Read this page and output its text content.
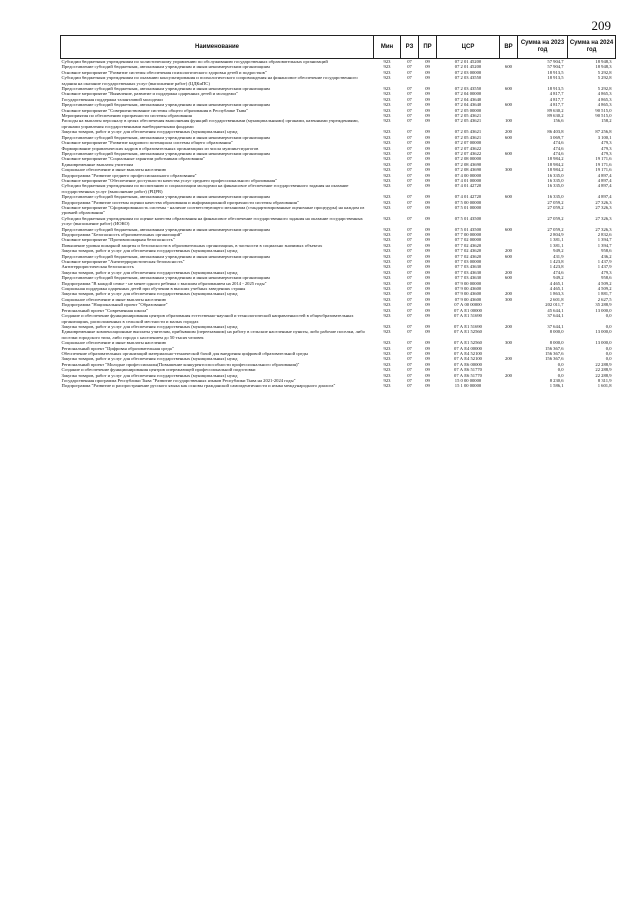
209
Наименование	Мин	РЗ	ПР	ЦСР	ВР	Сумма на 2023 год	Сумма на 2024 год
Субсидии бюджетным учреждениям по холистическому управлению по обслуживанию государственных образовательных организаций	923	07	09	07 2 01 45200		57 904,7	18 948,3
Предоставление субсидий бюджетным, автономным учреждениям и иным некоммерческим организациям	923	07	09	07 2 01 45200	600	57 904,7	18 948,3
Основное мероприятие "Развитие системы обеспечения психологического здоровья детей и подростков"	923	07	09	07 2 03 00000		18 913,5	5 292,8
Субсидии бюджетным учреждениям по оказанию консультирования и психологического сопровождения на финансовое обеспечение государственного задания на оказание государственных услуг (выполнение работ) (ЦДКиПС)	923	07	09	07 2 03 43550		18 913,5	5 292,8
Предоставление субсидий бюджетным, автономным учреждениям и иным некоммерческим организациям	923	07	09	07 2 03 43550	600	18 913,5	5 292,8
Основное мероприятие "Выявление, развитие и поддержка одаренных детей и молодежи"	923	07	09	07 2 04 00000		4 817,7	4 865,3
Государственная поддержка талантливой молодежи	923	07	09	07 2 04 43640		4 817,7	4 865,3
Предоставление субсидий бюджетным, автономным учреждениям и иным некоммерческим организациям	923	07	09	07 2 04 43640	600	4 817,7	4 865,3
Основное мероприятие "Совершенствование системы общего образования в Республике Тыва"	923	07	09	07 2 05 00000		89 630,2	90 515,0
Мероприятия по обеспечению прозрачности системы образования	923	07	09	07 2 05 43621		89 630,2	90 515,0
Расходы на выплаты персоналу в целях обеспечения выполнения функций государственными (муниципальными) органами, казенными учреждениями, органами управления государственными внебюджетными фондами	923	07	09	07 2 05 43621	100	156,6	158,2
Закупка товаров, работ и услуг для обеспечения государственных (муниципальных) нужд	923	07	09	07 2 05 43621	200	86 403,8	87 256,8
Предоставление субсидий бюджетным, автономным учреждениям и иным некоммерческим организациям	923	07	09	07 2 05 43621	600	3 069,7	3 100,1
Основное мероприятие "Развитие кадрового потенциала системы общего образования"	923	07	09	07 2 07 00000		474,6	479,3
Формирование управленческих кадров в образовательных организациях из числа мужчин-педагогов	923	07	09	07 2 07 43622		474,6	479,3
Предоставление субсидий бюджетным, автономным учреждениям и иным некоммерческим организациям	923	07	09	07 2 07 43622	600	474,6	479,3
Основное мероприятие "Социальные гарантии работникам образования"	923	07	09	07 2 08 00000		18 984,2	19 171,6
Единовременные выплаты учителям	923	07	09	07 2 08 43690		18 984,2	19 171,6
Социальное обеспечение и иные выплаты населению	923	07	09	07 2 08 43690	300	18 984,2	19 171,6
Подпрограмма "Развитие среднего профессионального образования"	923	07	09	07 4 00 00000		16 335,0	4 897,4
Основное мероприятие "Обеспечение доступности качества услуг среднего профессионального образования"	923	07	09	07 4 01 00000		16 335,0	4 897,4
Субсидии бюджетным учреждениям по воспитанию и социализации молодежи на финансовое обеспечение государственного задания на оказание государственных услуг (выполнение работ) (РЦРВ)	923	07	09	07 4 01 42720		16 335,0	4 897,4
Предоставление субсидий бюджетным, автономным учреждениям и иным некоммерческим организациям	923	07	09	07 4 01 42720	600	16 335,0	4 897,4
Подпрограмма "Развитие системы оценки качества образования и информационной прозрачности системы образования"	923	07	09	07 5 00 00000		27 059,2	27 326,3
Основное мероприятие "Сформированность системы - наличие соответствующего механизма (стандартизированные оценочные процедуры) на каждом из уровней образования"	923	07	09	07 5 01 00000		27 059,2	27 326,3
Субсидии бюджетным учреждениям по оценке качества образования на финансовое обеспечение государственного задания на оказание государственных услуг (выполнение работ) (ИОКО)	923	07	09	07 5 01 43500		27 059,2	27 326,3
Предоставление субсидий бюджетным, автономным учреждениям и иным некоммерческим организациям	923	07	09	07 5 01 43500	600	27 059,2	27 326,3
Подпрограмма "Безопасность образовательных организаций"	923	07	09	07 7 00 00000		2 804,9	2 832,6
Основное мероприятие "Противопожарная безопасность"	923	07	09	07 7 02 00000		1 381,1	1 394,7
Повышение уровня пожарной защиты и безопасности в образовательных организациях, в частности в социально значимых объектах	923	07	09	07 7 02 43620		1 381,1	1 394,7
Закупка товаров, работ и услуг для обеспечения государственных (муниципальных) нужд	923	07	09	07 7 02 43620	200	949,2	958,6
Предоставление субсидий бюджетным, автономным учреждениям и иным некоммерческим организациям	923	07	09	07 7 02 43620	600	431,9	436,2
Основное мероприятие "Антитеррористическая безопасность"	923	07	09	07 7 03 00000		1 423,8	1 437,9
Антитеррористическая безопасность	923	07	09	07 7 03 43630		1 423,8	1 437,9
Закупка товаров, работ и услуг для обеспечения государственных (муниципальных) нужд	923	07	09	07 7 03 43630	200	474,6	479,3
Предоставление субсидий бюджетным, автономным учреждениям и иным некоммерческим организациям	923	07	09	07 7 03 43630	600	949,2	958,6
Подпрограмма "В каждой семье - не менее одного ребенка с высшим образованием на 2014 - 2025 годы"	923	07	09	07 9 00 00000		4 465,1	4 509,2
Социальная поддержка одаренных детей при обучении в высших учебных заведениях страны	923	07	09	07 9 00 43600		4 465,1	4 509,2
Закупка товаров, работ и услуг для обеспечения государственных (муниципальных) нужд	923	07	09	07 9 00 43600	200	1 863,3	1 881,7
Социальное обеспечение и иные выплаты населению	923	07	09	07 9 00 43600	300	2 601,8	2 627,5
Подпрограмма "Национальный проект "Образование"	923	07	09	07 А 00 00000		202 011,7	35 288,9
Региональный проект "Современная школа"	923	07	09	07 А E1 00000		45 644,1	13 000,0
Создание и обеспечение функционирования центров образования естественно-научной и технологической направленностей в общеобразовательных организациях, расположенных в сельской местности и малых городах	923	07	09	07 А E1 51690		37 644,1	0,0
Закупка товаров, работ и услуг для обеспечения государственных (муниципальных) нужд	923	07	09	07 А E1 51690	200	37 644,1	0,0
Единовременные компенсационные выплаты учителям, прибывшим (переехавшим) на работу в сельские населенные пункты, либо рабочие поселки, либо поселки городского типа, либо города с населением до 50 тысяч человек	923	07	09	07 А E1 52560		8 000,0	13 000,0
Социальное обеспечение и иные выплаты населению	923	07	09	07 А E1 52560	300	8 000,0	13 000,0
Региональный проект "Цифровая образовательная среда"	923	07	09	07 А E4 00000		156 367,6	0,0
Обеспечение образовательных организаций материально-технической базой для внедрения цифровой образовательной среды	923	07	09	07 А E4 52100		156 367,6	0,0
Закупка товаров, работ и услуг для обеспечения государственных (муниципальных) нужд	923	07	09	07 А E4 52100	200	156 367,6	0,0
Региональный проект "Молодые профессионалы(Повышение конкурентоспособности профессионального образования)"	923	07	09	07 А E6 00000		0,0	22 288,9
Создание и обеспечение функционирования центров опережающей профессиональной подготовки	923	07	09	07 А E6 51770		0,0	22 288,9
Закупка товаров, работ и услуг для обеспечения государственных (муниципальных) нужд	923	07	09	07 А E6 51770	200	0,0	22 288,9
Государственная программа Республики Тыва "Развитие государственных языков Республики Тыва на 2021-2024 годы"	923	07	09	15 0 00 00000		8 230,6	8 311,9
Подпрограмма "Развитие и распространение русского языка как основы гражданской самоидентичности и языка международного диалога"	923	07	09	15 1 00 00000		1 586,1	1 601,8
